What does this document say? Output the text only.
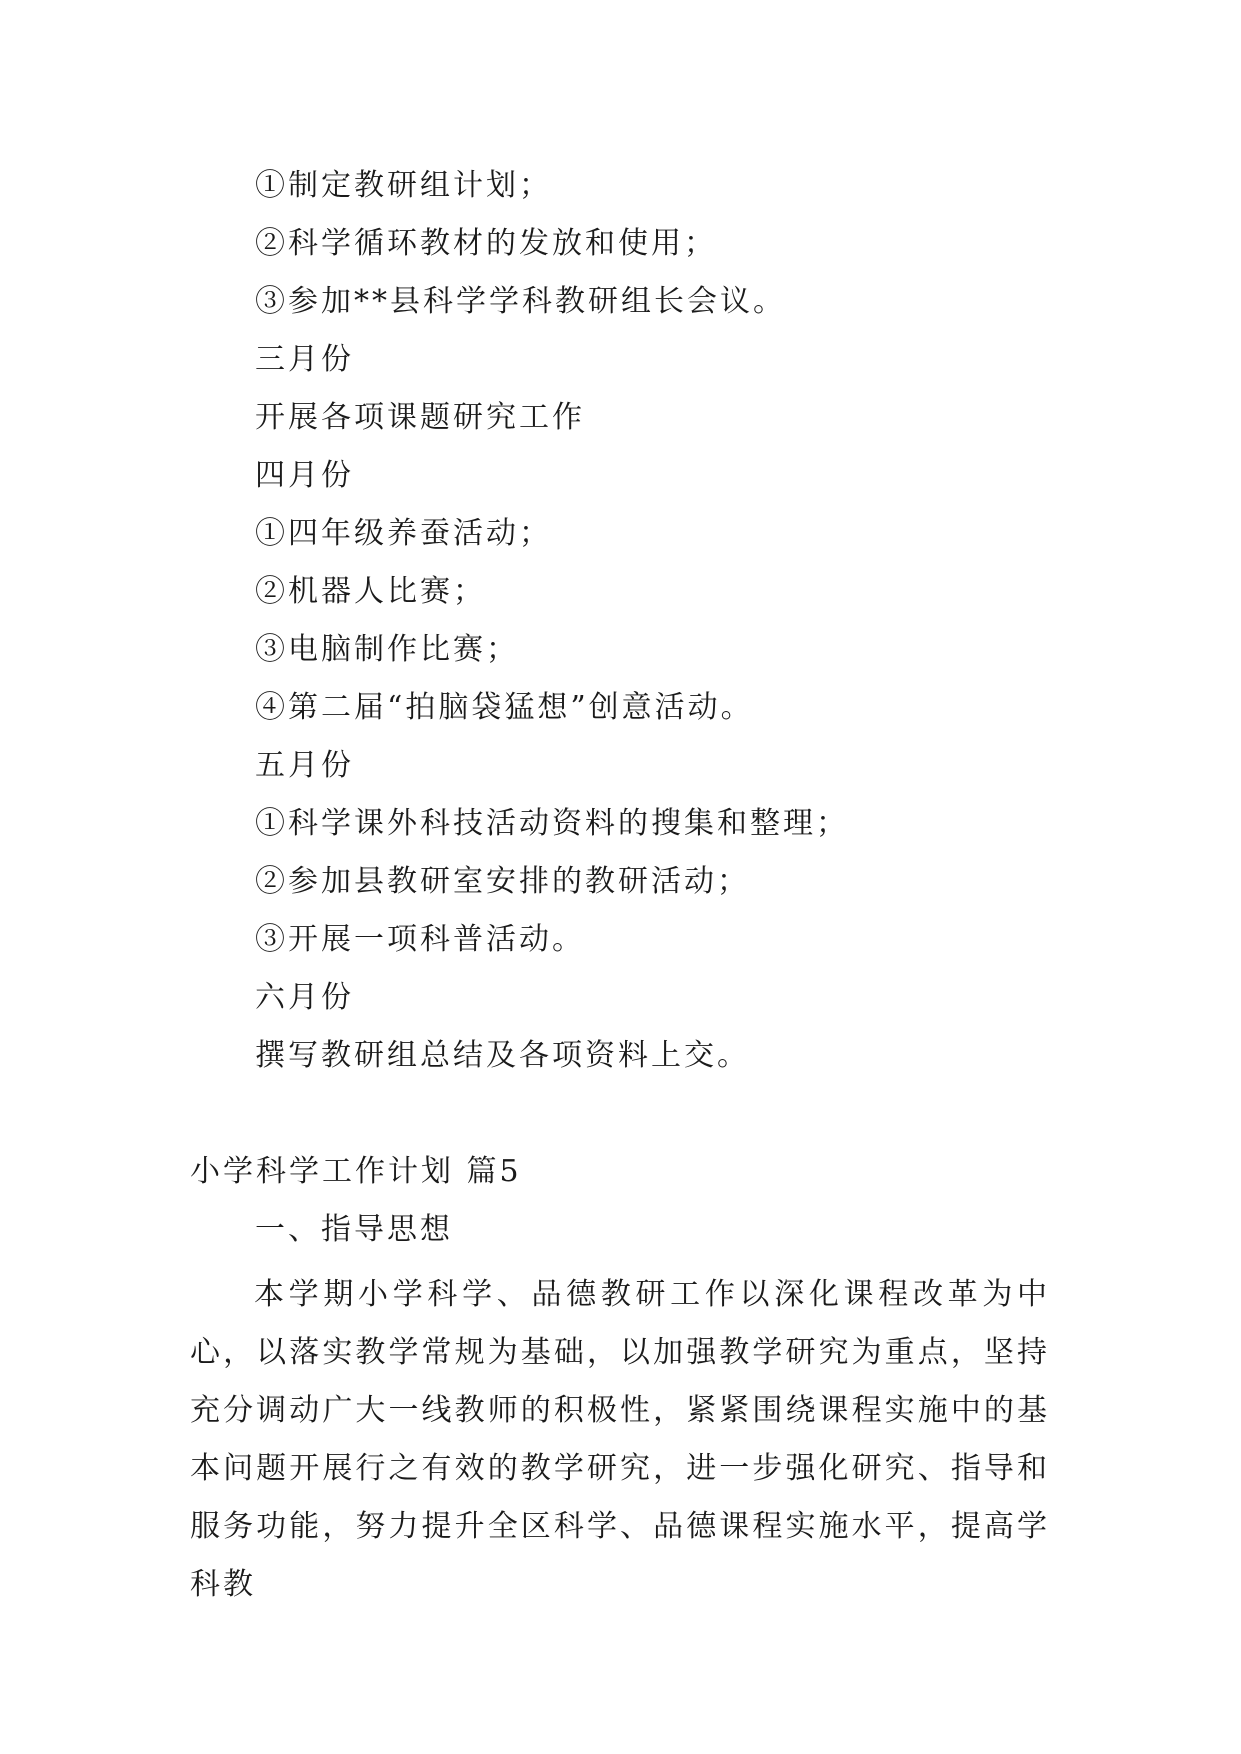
①制定教研组计划；

②科学循环教材的发放和使用；

③参加**县科学学科教研组长会议。

三月份

开展各项课题研究工作

四月份

①四年级养蚕活动；

②机器人比赛；

③电脑制作比赛；

④第二届“拍脑袋猛想”创意活动。

五月份

①科学课外科技活动资料的搜集和整理；

②参加县教研室安排的教研活动；

③开展一项科普活动。

六月份

撰写教研组总结及各项资料上交。

小学科学工作计划 篇5

一、指导思想

本学期小学科学、品德教研工作以深化课程改革为中心，以落实教学常规为基础，以加强教学研究为重点，坚持充分调动广大一线教师的积极性，紧紧围绕课程实施中的基本问题开展行之有效的教学研究，进一步强化研究、指导和服务功能，努力提升全区科学、品德课程实施水平，提高学科教
